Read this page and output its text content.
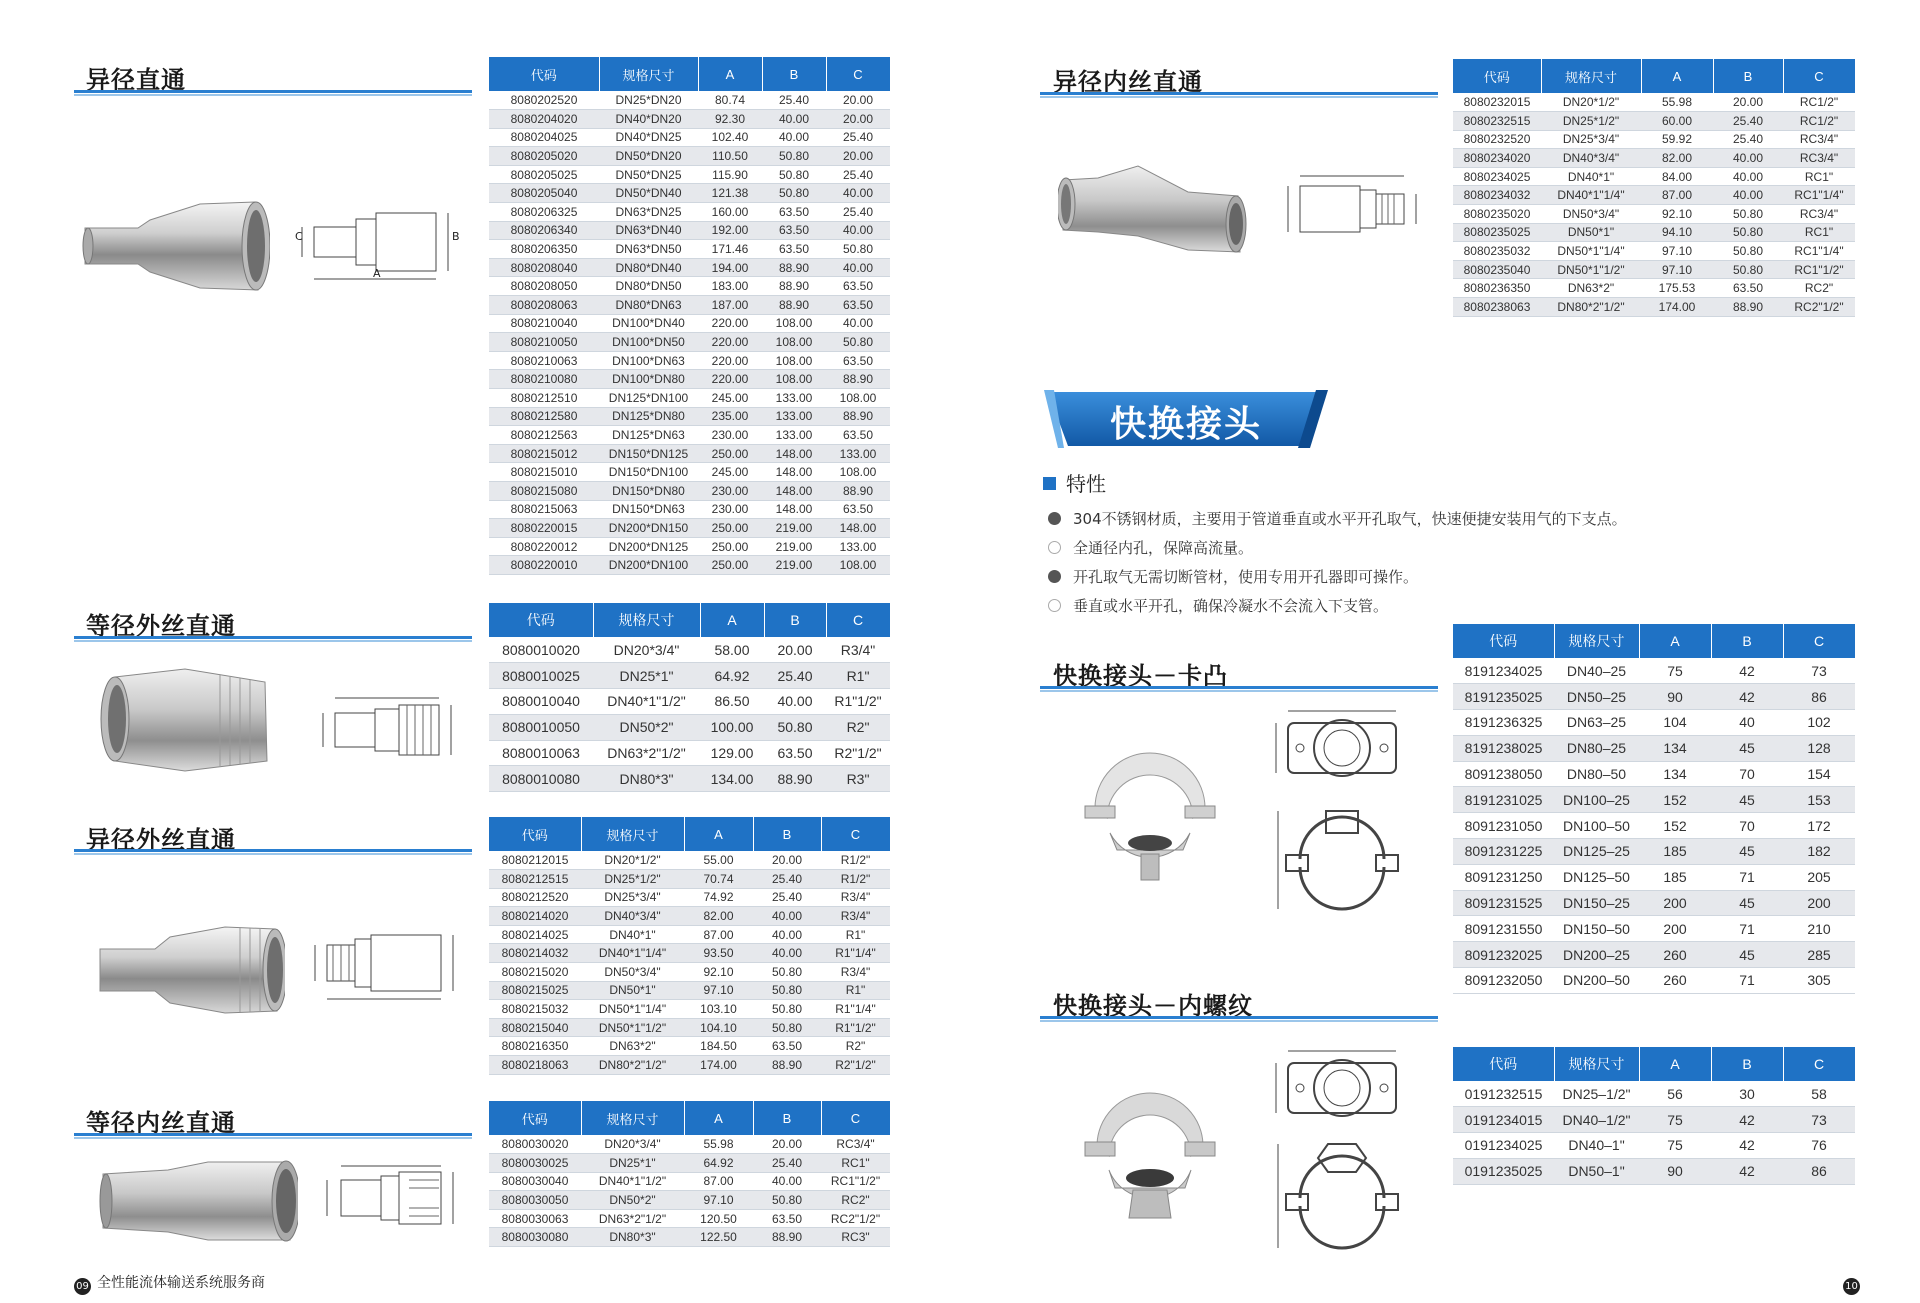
异径直通
A
C	B
代码	规格尺寸	A	B	C
8080202520	DN25*DN20	80.74	25.40	20.00
8080204020	DN40*DN20	92.30	40.00	20.00
8080204025	DN40*DN25	102.40	40.00	25.40
8080205020	DN50*DN20	110.50	50.80	20.00
8080205025	DN50*DN25	115.90	50.80	25.40
8080205040	DN50*DN40	121.38	50.80	40.00
8080206325	DN63*DN25	160.00	63.50	25.40
8080206340	DN63*DN40	192.00	63.50	40.00
8080206350	DN63*DN50	171.46	63.50	50.80
8080208040	DN80*DN40	194.00	88.90	40.00
8080208050	DN80*DN50	183.00	88.90	63.50
8080208063	DN80*DN63	187.00	88.90	63.50
8080210040	DN100*DN40	220.00	108.00	40.00
8080210050	DN100*DN50	220.00	108.00	50.80
8080210063	DN100*DN63	220.00	108.00	63.50
8080210080	DN100*DN80	220.00	108.00	88.90
8080212510	DN125*DN100	245.00	133.00	108.00
8080212580	DN125*DN80	235.00	133.00	88.90
8080212563	DN125*DN63	230.00	133.00	63.50
8080215012	DN150*DN125	250.00	148.00	133.00
8080215010	DN150*DN100	245.00	148.00	108.00
8080215080	DN150*DN80	230.00	148.00	88.90
8080215063	DN150*DN63	230.00	148.00	63.50
8080220015	DN200*DN150	250.00	219.00	148.00
8080220012	DN200*DN125	250.00	219.00	133.00
8080220010	DN200*DN100	250.00	219.00	108.00
等径外丝直通	代码	规格尺寸	A	B	C
8080010020	DN20*3/4"	58.00	20.00	R3/4"
8080010025	DN25*1"	64.92	25.40	R1"
8080010040	DN40*1"1/2"	86.50	40.00	R1"1/2"
8080010050	DN50*2"	100.00	50.80	R2"
8080010063	DN63*2"1/2"	129.00	63.50	R2"1/2"
8080010080	DN80*3"	134.00	88.90	R3"
异径外丝直通	代码	规格尺寸	A	B	C
8080212015	DN20*1/2"	55.00	20.00	R1/2"
8080212515	DN25*1/2"	70.74	25.40	R1/2"
8080212520	DN25*3/4"	74.92	25.40	R3/4"
8080214020	DN40*3/4"	82.00	40.00	R3/4"
8080214025	DN40*1"	87.00	40.00	R1"
8080214032	DN40*1"1/4"	93.50	40.00	R1"1/4"
8080215020	DN50*3/4"	92.10	50.80	R3/4"
8080215025	DN50*1"	97.10	50.80	R1"
8080215032	DN50*1"1/4"	103.10	50.80	R1"1/4"
8080215040	DN50*1"1/2"	104.10	50.80	R1"1/2"
8080216350	DN63*2"	184.50	63.50	R2"
8080218063	DN80*2"1/2"	174.00	88.90	R2"1/2"
等径内丝直通	代码	规格尺寸	A	B	C
8080030020	DN20*3/4"	55.98	20.00	RC3/4"
8080030025	DN25*1"	64.92	25.40	RC1"
8080030040	DN40*1"1/2"	87.00	40.00	RC1"1/2"
8080030050	DN50*2"	97.10	50.80	RC2"
8080030063	DN63*2"1/2"	120.50	63.50	RC2"1/2"
8080030080	DN80*3"	122.50	88.90	RC3"
09 全性能流体输送系统服务商
异径内丝直通	代码	规格尺寸	A	B	C
8080232015	DN20*1/2"	55.98	20.00	RC1/2"
8080232515	DN25*1/2"	60.00	25.40	RC1/2"
8080232520	DN25*3/4"	59.92	25.40	RC3/4"
8080234020	DN40*3/4"	82.00	40.00	RC3/4"
8080234025	DN40*1"	84.00	40.00	RC1"
8080234032	DN40*1"1/4"	87.00	40.00	RC1"1/4"
8080235020	DN50*3/4"	92.10	50.80	RC3/4"
8080235025	DN50*1"	94.10	50.80	RC1"
8080235032	DN50*1"1/4"	97.10	50.80	RC1"1/4"
8080235040	DN50*1"1/2"	97.10	50.80	RC1"1/2"
8080236350	DN63*2"	175.53	63.50	RC2"
8080238063	DN80*2"1/2"	174.00	88.90	RC2"1/2"
快换接头
特性
304不锈钢材质，主要用于管道垂直或水平开孔取气，快速便捷安装用气的下支点。
全通径内孔，保障高流量。
开孔取气无需切断管材，使用专用开孔器即可操作。
垂直或水平开孔，确保冷凝水不会流入下支管。
快换接头－卡凸
代码	规格尺寸	A	B	C
8191234025	DN40–25	75	42	73
8191235025	DN50–25	90	42	86
8191236325	DN63–25	104	40	102
8191238025	DN80–25	134	45	128
8091238050	DN80–50	134	70	154
8191231025	DN100–25	152	45	153
8091231050	DN100–50	152	70	172
8091231225	DN125–25	185	45	182
8091231250	DN125–50	185	71	205
8091231525	DN150–25	200	45	200
8091231550	DN150–50	200	71	210
8091232025	DN200–25	260	45	285
8091232050	DN200–50	260	71	305
快换接头－内螺纹
代码	规格尺寸	A	B	C
0191232515	DN25–1/2"	56	30	58
0191234015	DN40–1/2"	75	42	73
0191234025	DN40–1"	75	42	76
0191235025	DN50–1"	90	42	86
10
